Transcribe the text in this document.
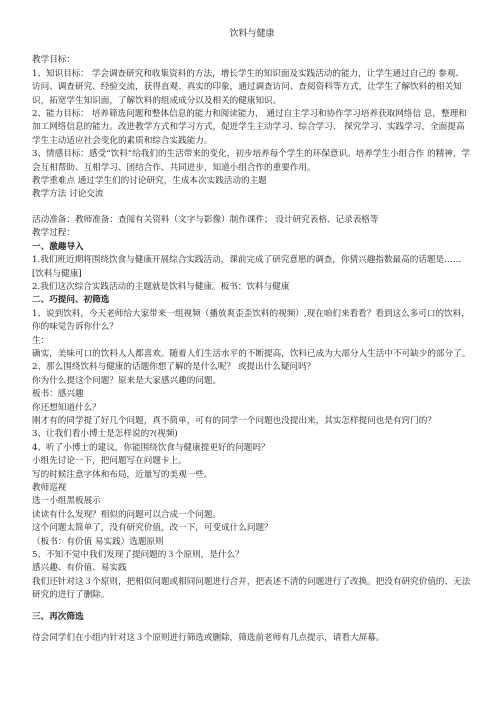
饮料与健康

教学目标：

1、知识目标： 学会调查研究和收集资料的方法，增长学生的知识面及实践活动的能力，让学生通过自己的 参观、访问、调查研究、经验交流，获得直观、真实的印象，通过调查访问、查阅资料等方式，让学生了解饮料的相关知识，拓宽学生知识面，了解饮料的组成成分以及相关的健康知识。

2、能力目标： 培养筛选问题和整体信息的能力和阅读能力， 通过自主学习和协作学习培养获取网络信 息，整理和加工网络信息的能力。改进教学方式和学习方式，促进学生主动学习、综合学习、 探究学习、实践学习，全面提高学生主动适应社会变化的素质和综合实践能力。

3、情感目标：感受“饮料”给我们的生活带来的变化，初步培养每个学生的环保意识。培养学生小组合作 的精神，学会互相帮助、互相学习、团结合作、共同进步，知道小组合作的重要作用。

教学重难点 通过学生们的讨论研究，生成本次实践活动的主题

教学方法 讨论交流

活动准备：教师准备：查阅有关资料（文字与影像）制作课件； 设计研究表格、记录表格等

教学过程：

一、激趣导入

1.我们班近期将围绕饮食与健康开展综合实践活动，课前完成了研究意愿的调查，你猜兴趣指数最高的话题是……[饮料与健康]

2.我们这次综合实践活动的主题就是饮料与健康。板书：饮料与健康

二、巧提问、初筛选

1、说到饮料，今天老师给大家带来一组视频（播放爽歪歪饮料的视频）,现在咱们来看看？看到这么多可口的饮料，你的味觉告诉你什么？

生：

确实，美味可口的饮料人人都喜欢。随着人们生活水平的不断提高，饮料已成为大部分人生活中不可缺少的部分了。

2、那么围绕饮料与健康的话题你想了解的是什么呢？ 或提出什么疑问吗？

你为什么提这个问题？原来是大家感兴趣的问题。

板书：感兴趣

你还想知道什么？

刚才有的同学提了好几个问题，真不简单，可有的同学一个问题也没提出来，其实怎样提问也是有窍门的？

3、让我们看小博士是怎样说的?(视频)

4、听了小博士的建议，你能围绕饮食与健康提更好的问题吗？

小组先讨论一下，把问题写在问题卡上。

写的时候注意字体和布局，近量写的美观一些。

教师巡视

选一小组黑板展示

读读有什么发现？相似的问题可以合成一个问题。

这个问题太简单了，没有研究价值，改一下，可变成什么问题？

（板书：有价值 易实践）选题原则

5、不知不觉中我们发现了提问题的３个原则，是什么？

感兴趣、有价值、易实践

我们还针对这３个原则，把相似问题或相同问题进行合并，把表述不清的问题进行了改换。把没有研究价值的、无法研究的进行了删除。

三、再次筛选

待会同学们在小组内针对这３个原则进行筛选或删除，筛选前老师有几点提示，请看大屏幕。
